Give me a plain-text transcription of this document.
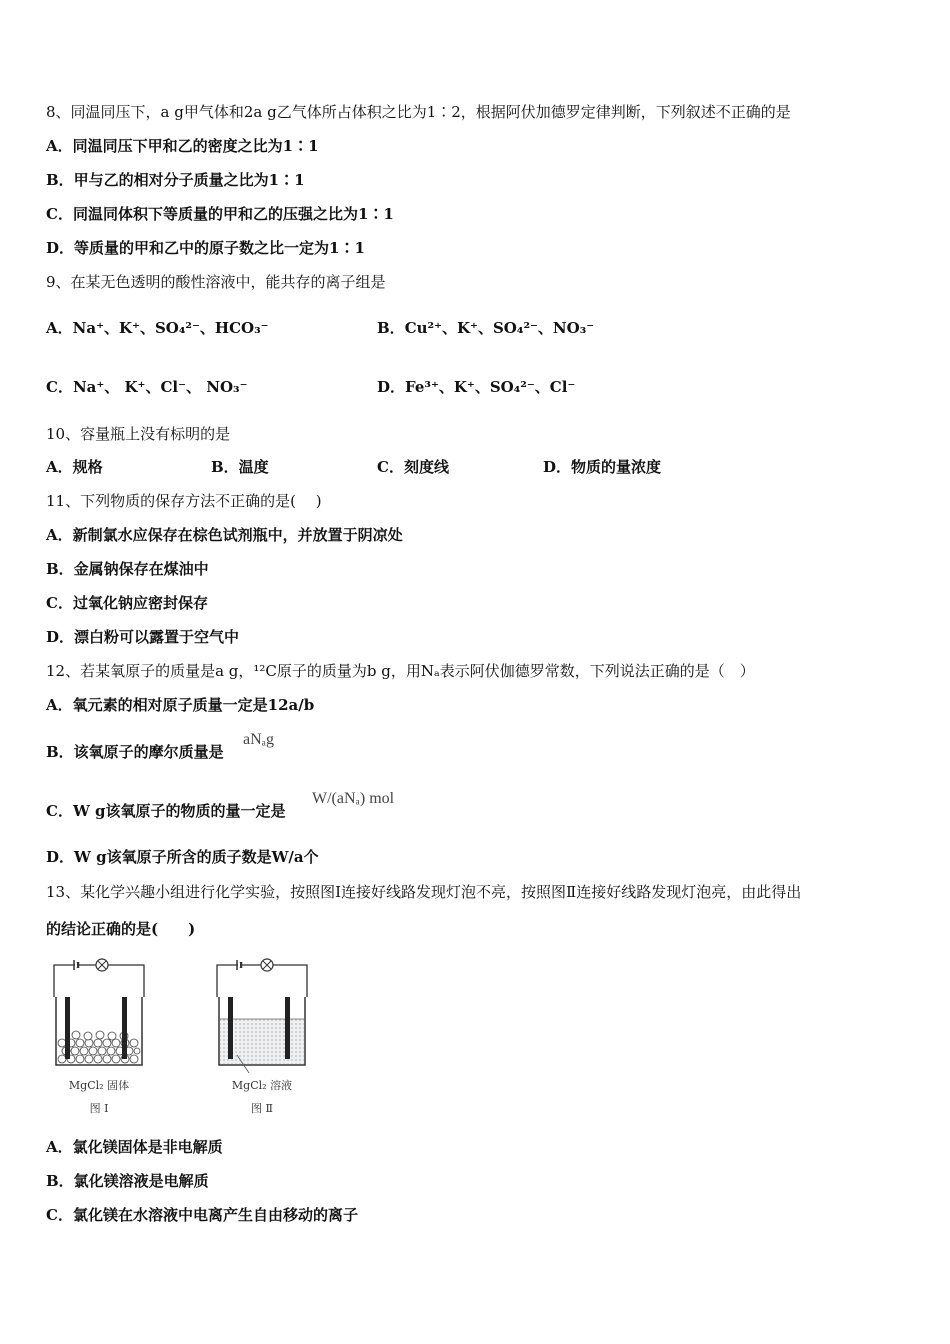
8、同温同压下，a g甲气体和2a g乙气体所占体积之比为1∶2，根据阿伏加德罗定律判断，下列叙述不正确的是
A．同温同压下甲和乙的密度之比为1∶1
B．甲与乙的相对分子质量之比为1∶1
C．同温同体积下等质量的甲和乙的压强之比为1∶1
D．等质量的甲和乙中的原子数之比一定为1∶1
9、在某无色透明的酸性溶液中，能共存的离子组是
A．Na⁺、K⁺、SO₄²⁻、HCO₃⁻	B．Cu²⁺、K⁺、SO₄²⁻、NO₃⁻
C．Na⁺、 K⁺、Cl⁻、 NO₃⁻	D．Fe³⁺、K⁺、SO₄²⁻、Cl⁻
10、容量瓶上没有标明的是
A．规格	B．温度	C．刻度线	D．物质的量浓度
11、下列物质的保存方法不正确的是(　 )
A．新制氯水应保存在棕色试剂瓶中，并放置于阴凉处
B．金属钠保存在煤油中
C．过氧化钠应密封保存
D．漂白粉可以露置于空气中
12、若某氧原子的质量是a g，¹²C原子的质量为b g，用Nₐ表示阿伏伽德罗常数，下列说法正确的是（　）
A．氧元素的相对原子质量一定是12a/b
B．该氧原子的摩尔质量是
aNₐg
C．W g该氧原子的物质的量一定是
W/(aNₐ) mol
D．W g该氧原子所含的质子数是W/a个
13、某化学兴趣小组进行化学实验，按照图Ⅰ连接好线路发现灯泡不亮，按照图Ⅱ连接好线路发现灯泡亮，由此得出
的结论正确的是(　　)
MgCl₂ 固体
图 Ⅰ
MgCl₂ 溶液
图 Ⅱ
A．氯化镁固体是非电解质
B．氯化镁溶液是电解质
C．氯化镁在水溶液中电离产生自由移动的离子
